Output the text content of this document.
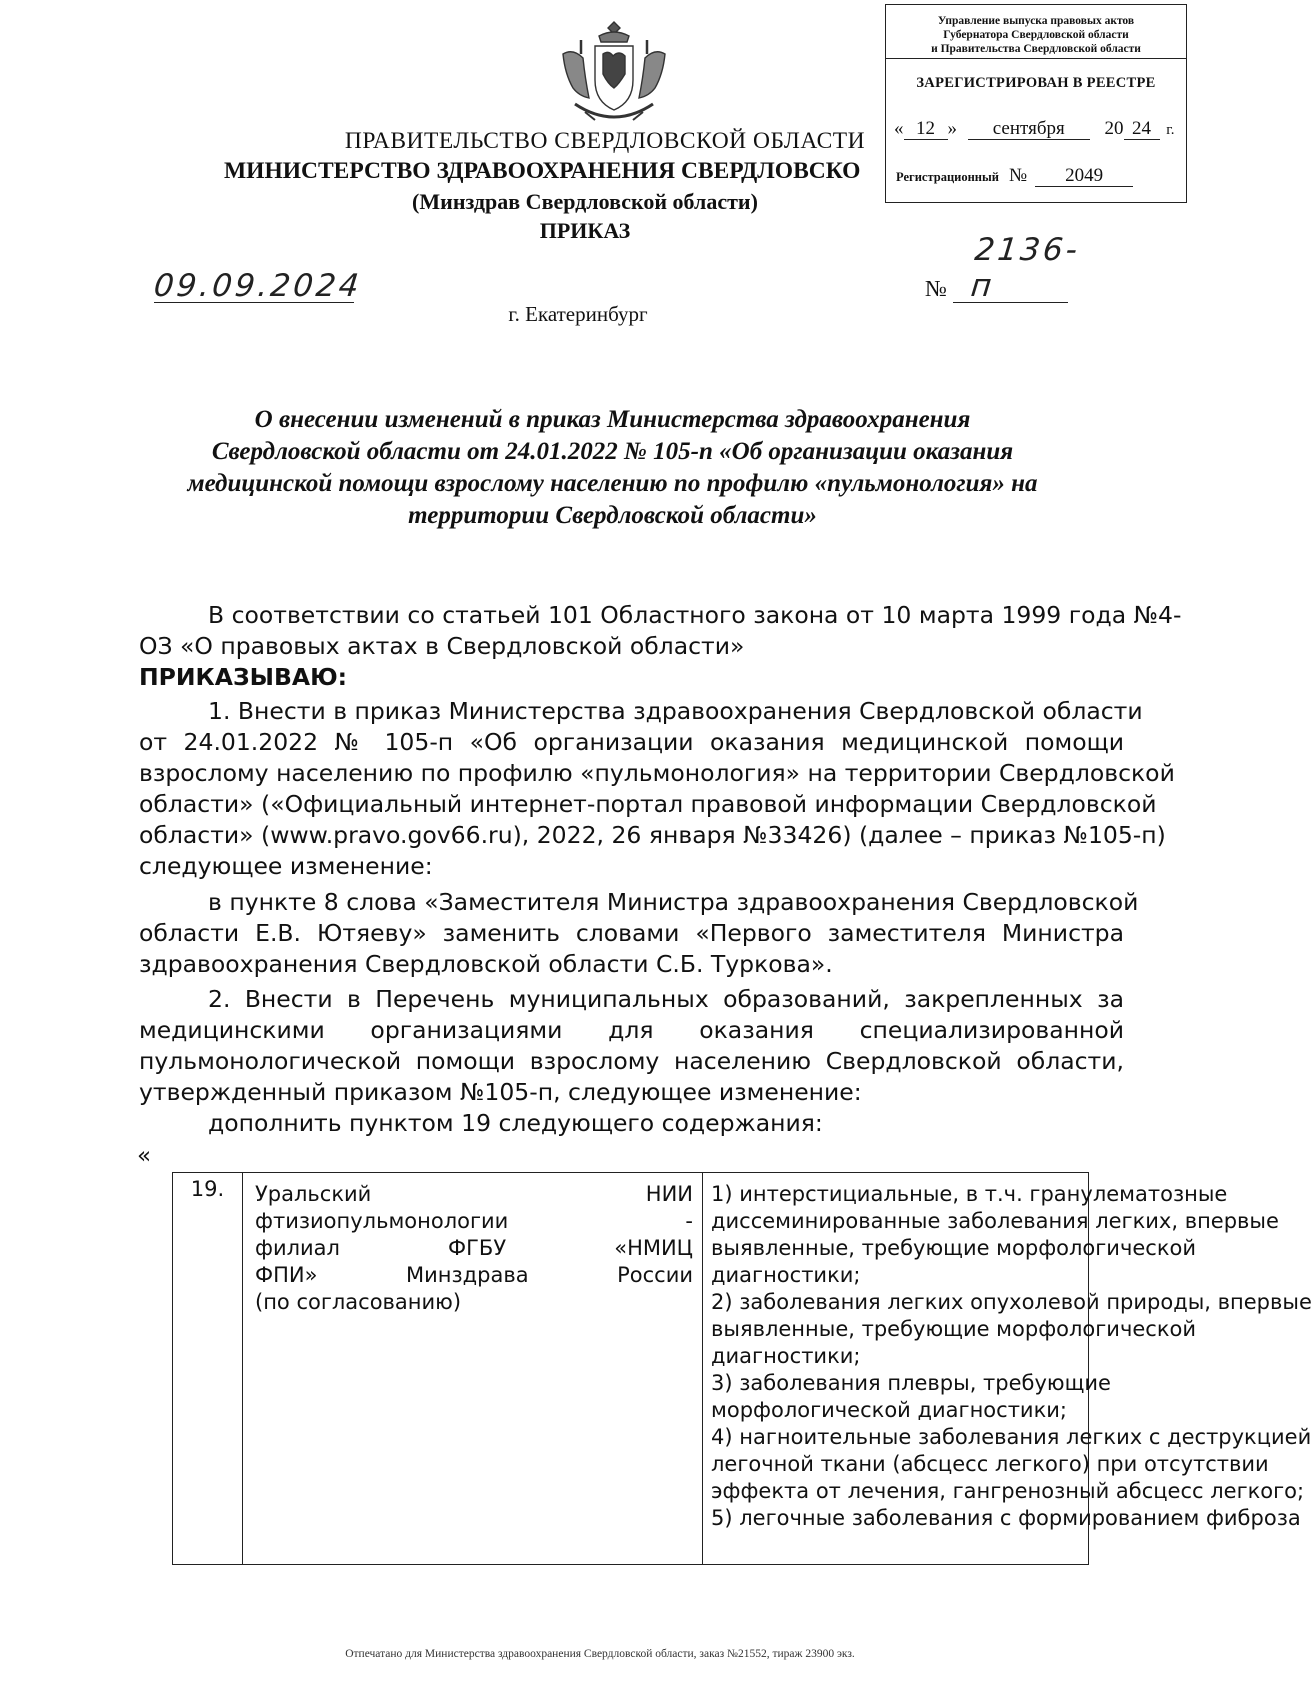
Управление выпуска правовых актов
Губернатора Свердловской области
и Правительства Свердловской области
ЗАРЕГИСТРИРОВАН В РЕЕСТРЕ
« 12 » сентября 20 24 г.
Регистрационный № 2049
ПРАВИТЕЛЬСТВО СВЕРДЛОВСКОЙ ОБЛАСТИ
МИНИСТЕРСТВО ЗДРАВООХРАНЕНИЯ СВЕРДЛОВСКО
(Минздрав Свердловской области)
ПРИКАЗ
09.09.2024	№
2136-п
г. Екатеринбург
О внесении изменений в приказ Министерства здравоохранения
Свердловской области от 24.01.2022 № 105-п «Об организации оказания
медицинской помощи взрослому населению по профилю «пульмонология» на
территории Свердловской области»
В соответствии со статьей 101 Областного закона от 10 марта 1999 года №4-
ОЗ «О правовых актах в Свердловской области»
ПРИКАЗЫВАЮ:
1. Внести в приказ Министерства здравоохранения Свердловской области
от 24.01.2022 № 105-п «Об организации оказания медицинской помощи
взрослому населению по профилю «пульмонология» на территории Свердловской
области» («Официальный интернет-портал правовой информации Свердловской
области» (www.pravo.gov66.ru), 2022, 26 января №33426) (далее – приказ №105-п)
следующее изменение:
в пункте 8 слова «Заместителя Министра здравоохранения Свердловской
области Е.В. Ютяеву» заменить словами «Первого заместителя Министра
здравоохранения Свердловской области С.Б. Туркова».
2. Внести в Перечень муниципальных образований, закрепленных за
медицинскими организациями для оказания специализированной
пульмонологической помощи взрослому населению Свердловской области,
утвержденный приказом №105-п, следующее изменение:
дополнить пунктом 19 следующего содержания:
«
19.	Уральский НИИ
фтизиопульмонологии -
филиал ФГБУ «НМИЦ
ФПИ» Минздрава России
(по согласованию)
1) интерстициальные, в т.ч. гранулематозные
диссеминированные заболевания легких, впервые
выявленные, требующие морфологической
диагностики;
2) заболевания легких опухолевой природы, впервые
выявленные, требующие морфологической
диагностики;
3) заболевания плевры, требующие
морфологической диагностики;
4) нагноительные заболевания легких с деструкцией
легочной ткани (абсцесс легкого) при отсутствии
эффекта от лечения, гангренозный абсцесс легкого;
5) легочные заболевания с формированием фиброза
Отпечатано для Министерства здравоохранения Свердловской области, заказ №21552, тираж 23900 экз.
